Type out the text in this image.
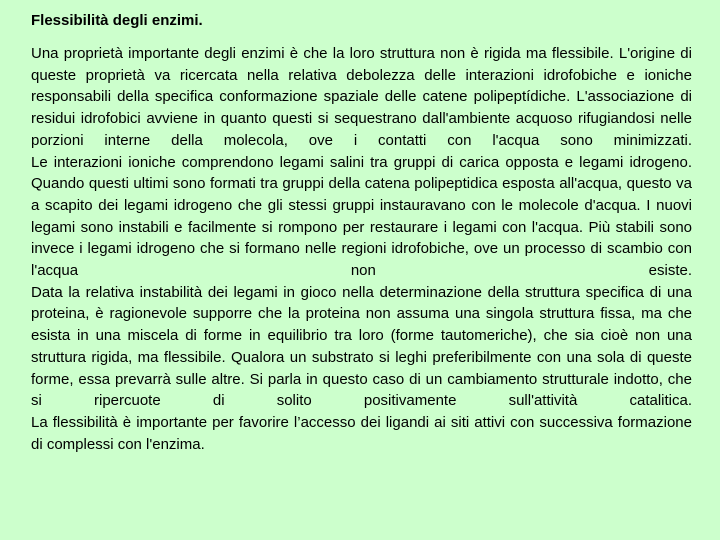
Flessibilità degli enzimi.

Una proprietà importante degli enzimi è che la loro struttura non è rigida ma flessibile. L'origine di queste proprietà va ricercata nella relativa debolezza delle interazioni idrofobiche e ioniche responsabili della specifica conformazione spaziale delle catene polipeptídiche. L'associazione di residui idrofobici avviene in quanto questi si sequestrano dall'ambiente acquoso rifugiandosi nelle porzioni interne della molecola, ove i contatti con l'acqua sono minimizzati.

Le interazioni ioniche comprendono legami salini tra gruppi di carica opposta e legami idrogeno. Quando questi ultimi sono formati tra gruppi della catena polipeptidica esposta all'acqua, questo va a scapito dei legami idrogeno che gli stessi gruppi instauravano con le molecole d'acqua. I nuovi legami sono instabili e facilmente si rompono per restaurare i legami con l'acqua. Più stabili sono invece i legami idrogeno che si formano nelle regioni idrofobiche, ove un processo di scambio con l'acqua non esiste.

Data la relativa instabilità dei legami in gioco nella determinazione della struttura specifica di una proteina, è ragionevole supporre che la proteina non assuma una singola struttura fissa, ma che esista in una miscela di forme in equilibrio tra loro (forme tautomeriche), che sia cioè non una struttura rigida, ma flessibile. Qualora un substrato si leghi preferibilmente con una sola di queste forme, essa prevarrà sulle altre. Si parla in questo caso di un cambiamento strutturale indotto, che si ripercuote di solito positivamente sull'attività catalitica.

La flessibilità è importante per favorire l’accesso dei ligandi ai siti attivi con successiva formazione di complessi con l'enzima.
